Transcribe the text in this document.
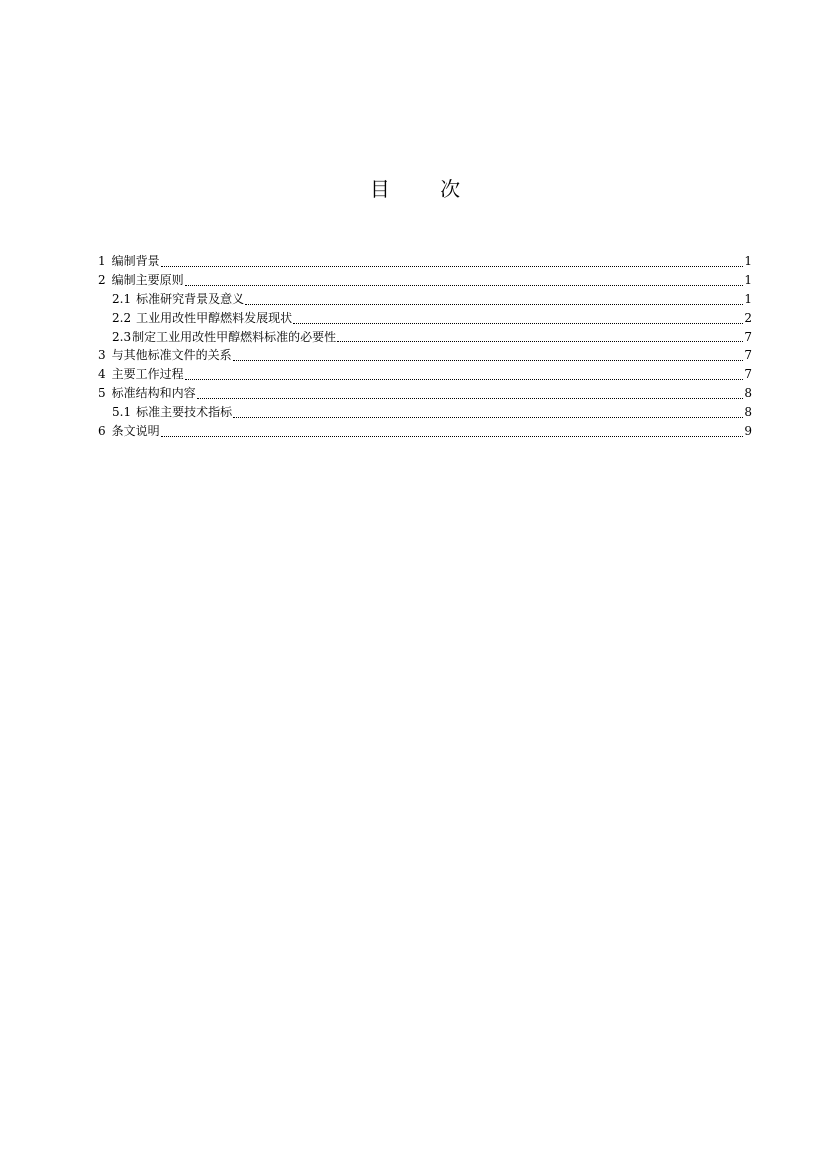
目 次
1 编制背景	1
2 编制主要原则	1
2.1 标准研究背景及意义	1
2.2 工业用改性甲醇燃料发展现状	2
2.3 制定工业用改性甲醇燃料标准的必要性	7
3 与其他标准文件的关系	7
4 主要工作过程	7
5 标准结构和内容	8
5.1 标准主要技术指标	8
6 条文说明	9
